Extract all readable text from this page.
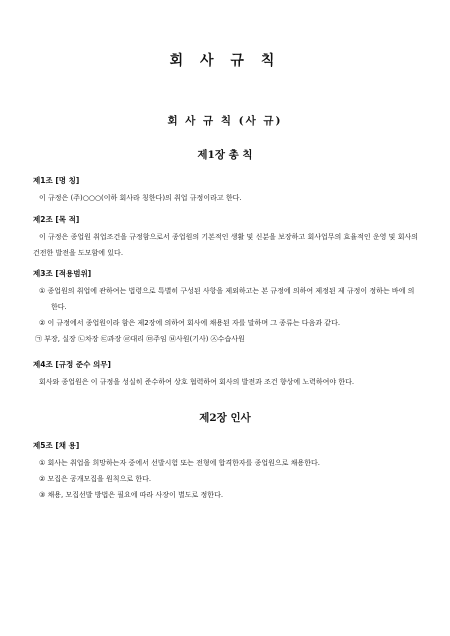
회 사 규 칙
회 사 규 칙 (사 규)
제1장 총 칙
제1조 [명 칭]

이 규정은 (주)○○○(이하 회사라 칭한다)의 취업 규정이라고 한다.

제2조 [목 적]

이 규정은 종업원 취업조건을 규정함으로서 종업원의 기본적인 생활 및 신분을 보장하고 회사업무의 효율적인 운영 및 회사의 건전한 발전을 도모함에 있다.

제3조 [적용범위]

① 종업원의 취업에 관하여는 법령으로 특별히 구성된 사항을 제외하고는 본 규정에 의하여 제정된 제 규정이 정하는 바에 의한다.

② 이 규정에서 종업원이라 함은 제2장에 의하여 회사에 채용된 자를 말하며 그 종류는 다음과 같다.

㉠ 부장, 실장 ㉡차장 ㉢과장 ㉣대리 ㉤주임 ㉥사원(기사) ㉦수습사원

제4조 [규정 준수 의무]

회사와 종업원은 이 규정을 성실히 준수하여 상호 협력하여 회사의 발전과 조건 향상에 노력하여야 한다.

제2장 인사
제5조 [채 용]

① 회사는 취업을 희망하는자 중에서 선발시험 또는 전형에 합격한자를 종업원으로 채용한다.

② 모집은 공개모집을 원칙으로 한다.

③ 채용, 모집선발 방법은 필요에 따라 사장이 별도로 정한다.
